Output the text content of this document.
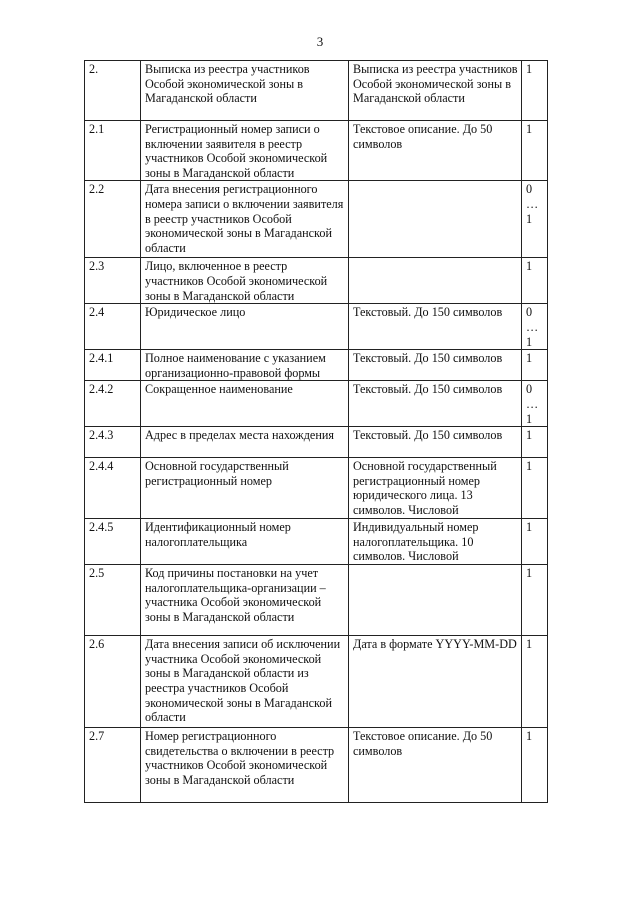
3
2.	Выписка из реестра участников Особой экономической зоны в Магаданской области	Выписка из реестра участников Особой экономической зоны в Магаданской области	1
2.1	Регистрационный номер записи о включении заявителя в реестр участников Особой экономической зоны в Магаданской области	Текстовое описание. До 50 символов	1
2.2	Дата внесения регистрационного номера записи о включении заявителя в реестр участников Особой экономической зоны в Магаданской области		0…1
2.3	Лицо, включенное в реестр участников Особой экономической зоны в Магаданской области		1
2.4	Юридическое лицо	Текстовый. До 150 символов	0…1
2.4.1	Полное наименование с указанием организационно-правовой формы	Текстовый. До 150 символов	1
2.4.2	Сокращенное наименование	Текстовый. До 150 символов	0…1
2.4.3	Адрес в пределах места нахождения	Текстовый. До 150 символов	1
2.4.4	Основной государственный регистрационный номер	Основной государственный регистрационный номер юридического лица. 13 символов. Числовой	1
2.4.5	Идентификационный номер налогоплательщика	Индивидуальный номер налогоплательщика. 10 символов. Числовой	1
2.5	Код причины постановки на учет налогоплательщика-организации – участника Особой экономической зоны в Магаданской области		1
2.6	Дата внесения записи об исключении участника Особой экономической зоны в Магаданской области из реестра участников Особой экономической зоны в Магаданской области	Дата в формате YYYY-MM-DD	1
2.7	Номер регистрационного свидетельства о включении в реестр участников Особой экономической зоны в Магаданской области	Текстовое описание. До 50 символов	1
